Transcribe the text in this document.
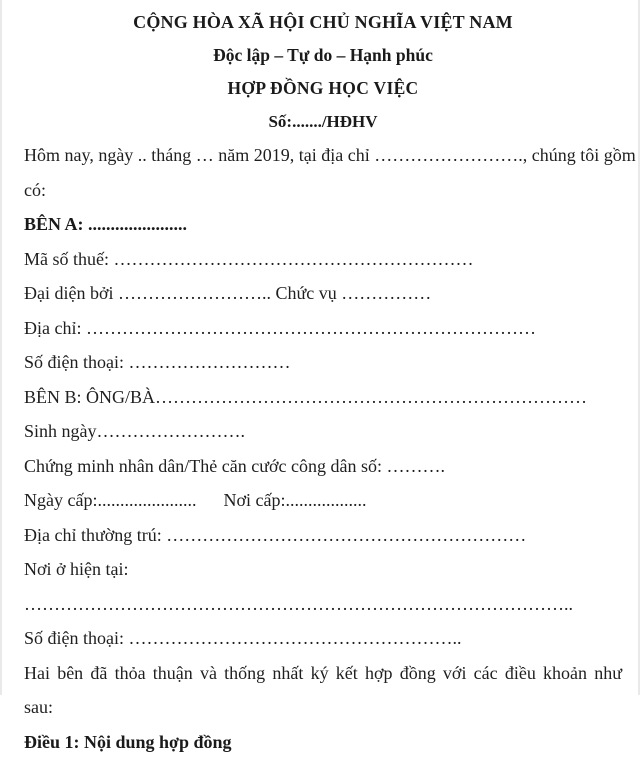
CỘNG HÒA XÃ HỘI CHỦ NGHĨA VIỆT NAM

Độc lập – Tự do – Hạnh phúc

HỢP ĐỒNG HỌC VIỆC

Số:......./HĐHV

Hôm nay, ngày .. tháng … năm 2019, tại địa chỉ ……………………., chúng tôi gồm

có:

BÊN A: ......................

Mã số thuế: ……………………………………………………

Đại diện bởi …………………….. Chức vụ ……………

Địa chỉ: …………………………………………………………………

Số điện thoại: ………………………

BÊN B: ÔNG/BÀ………………………………………………………………

Sinh ngày…………………….

Chứng minh nhân dân/Thẻ căn cước công dân số: ……….

Ngày cấp:......................      Nơi cấp:..................

Địa chỉ thường trú: ……………………………………………………

Nơi ở hiện tại: ………………………………………………………………………………..

Số điện thoại: ………………………………………………..

Hai bên đã thỏa thuận và thống nhất ký kết hợp đồng với các điều khoản như

sau:

Điều 1: Nội dung hợp đồng
